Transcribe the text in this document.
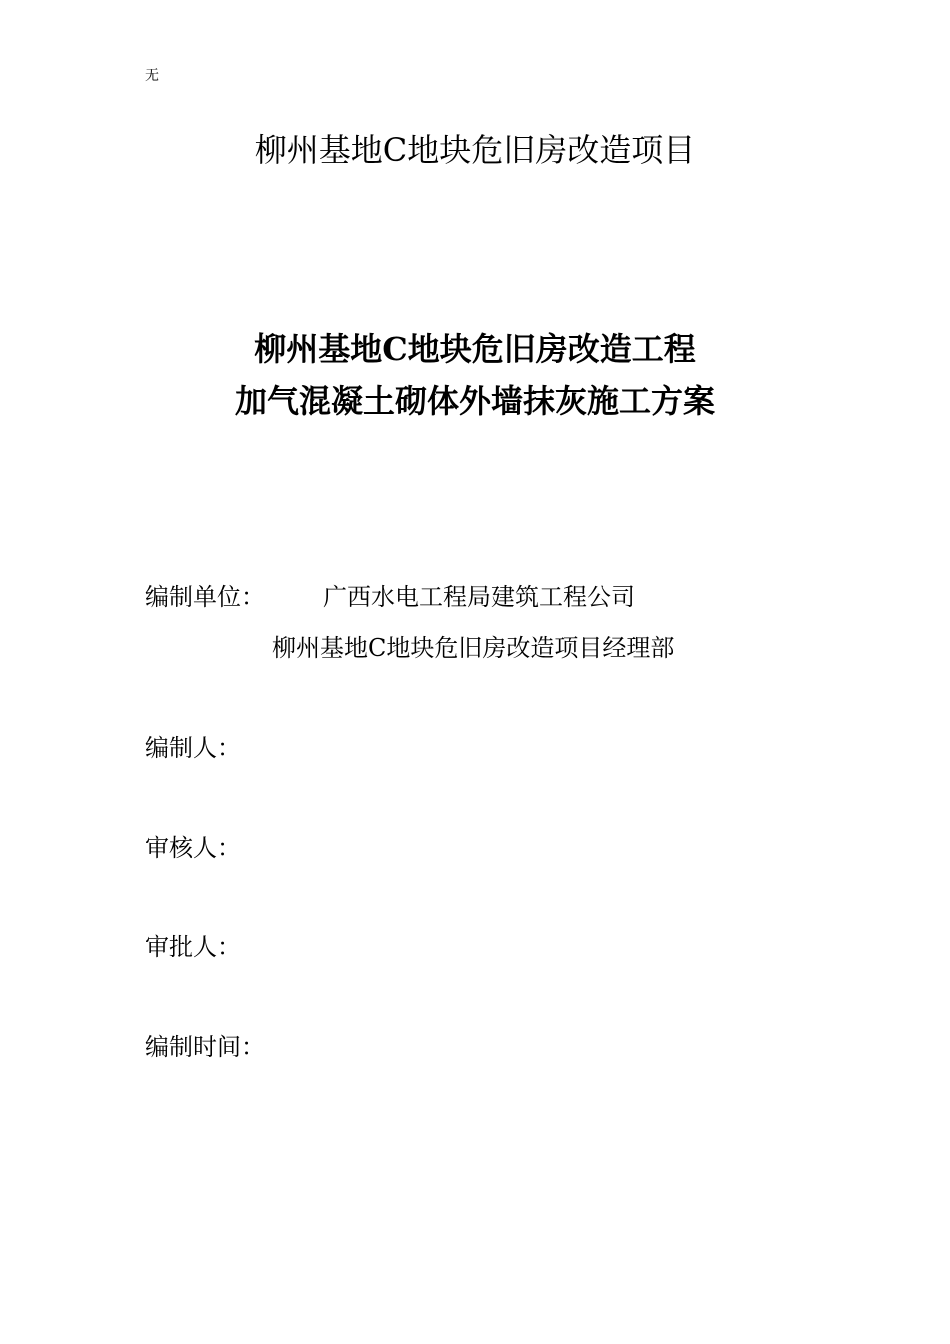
无
柳州基地C地块危旧房改造项目
柳州基地C地块危旧房改造工程
加气混凝土砌体外墙抹灰施工方案
编制单位： 广西水电工程局建筑工程公司
柳州基地C地块危旧房改造项目经理部
编制人：
审核人：
审批人：
编制时间：
